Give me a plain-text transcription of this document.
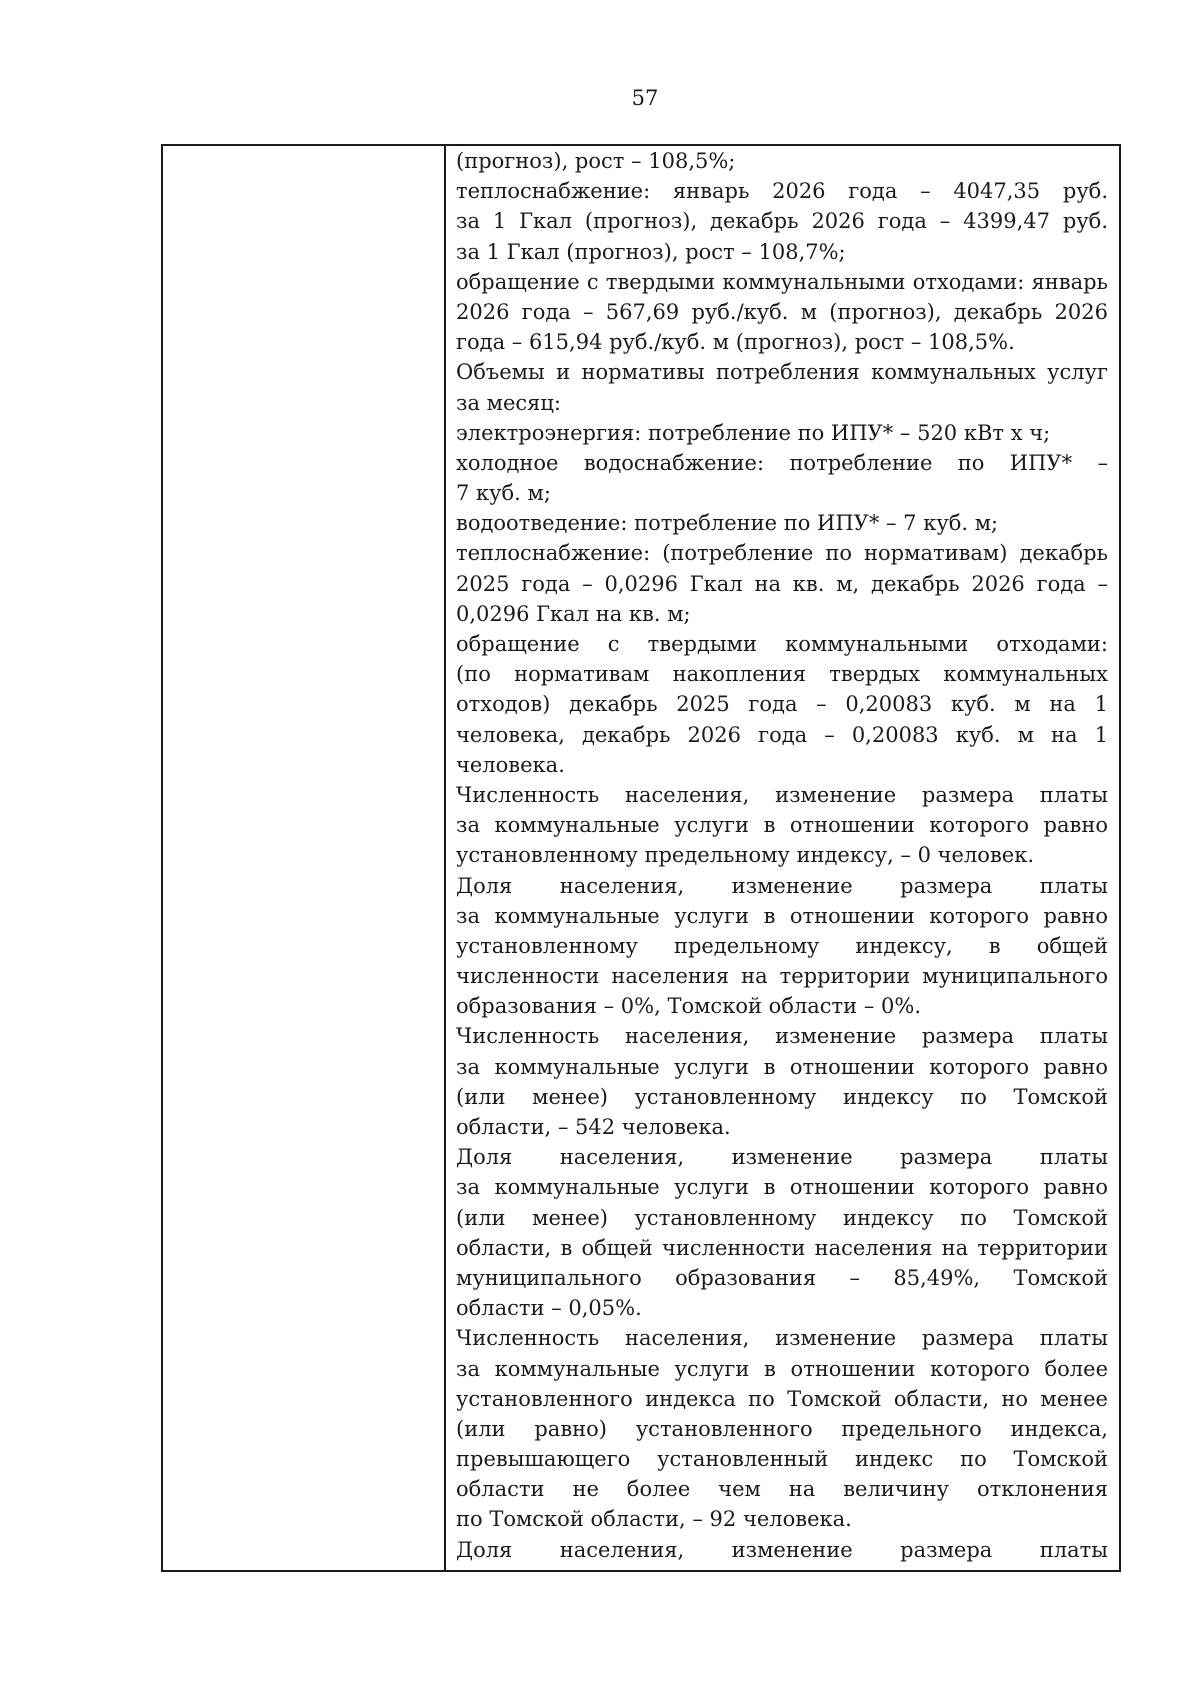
57
(прогноз), рост – 108,5%;
теплоснабжение: январь 2026 года – 4047,35 руб.
за 1 Гкал (прогноз), декабрь 2026 года – 4399,47 руб.
за 1 Гкал (прогноз), рост – 108,7%;
обращение с твердыми коммунальными отходами: январь
2026 года – 567,69 руб./куб. м (прогноз), декабрь 2026
года – 615,94 руб./куб. м (прогноз), рост – 108,5%.
Объемы и нормативы потребления коммунальных услуг
за месяц:
электроэнергия: потребление по ИПУ* – 520 кВт х ч;
холодное водоснабжение: потребление по ИПУ* –
7 куб. м;
водоотведение: потребление по ИПУ* – 7 куб. м;
теплоснабжение: (потребление по нормативам) декабрь
2025 года – 0,0296 Гкал на кв. м, декабрь 2026 года –
0,0296 Гкал на кв. м;
обращение с твердыми коммунальными отходами:
(по нормативам накопления твердых коммунальных
отходов) декабрь 2025 года – 0,20083 куб. м на 1
человека, декабрь 2026 года – 0,20083 куб. м на 1
человека.
Численность населения, изменение размера платы
за коммунальные услуги в отношении которого равно
установленному предельному индексу, – 0 человек.
Доля населения, изменение размера платы
за коммунальные услуги в отношении которого равно
установленному предельному индексу, в общей
численности населения на территории муниципального
образования – 0%, Томской области – 0%.
Численность населения, изменение размера платы
за коммунальные услуги в отношении которого равно
(или менее) установленному индексу по Томской
области, – 542 человека.
Доля населения, изменение размера платы
за коммунальные услуги в отношении которого равно
(или менее) установленному индексу по Томской
области, в общей численности населения на территории
муниципального образования – 85,49%, Томской
области – 0,05%.
Численность населения, изменение размера платы
за коммунальные услуги в отношении которого более
установленного индекса по Томской области, но менее
(или равно) установленного предельного индекса,
превышающего установленный индекс по Томской
области не более чем на величину отклонения
по Томской области, – 92 человека.
Доля населения, изменение размера платы
